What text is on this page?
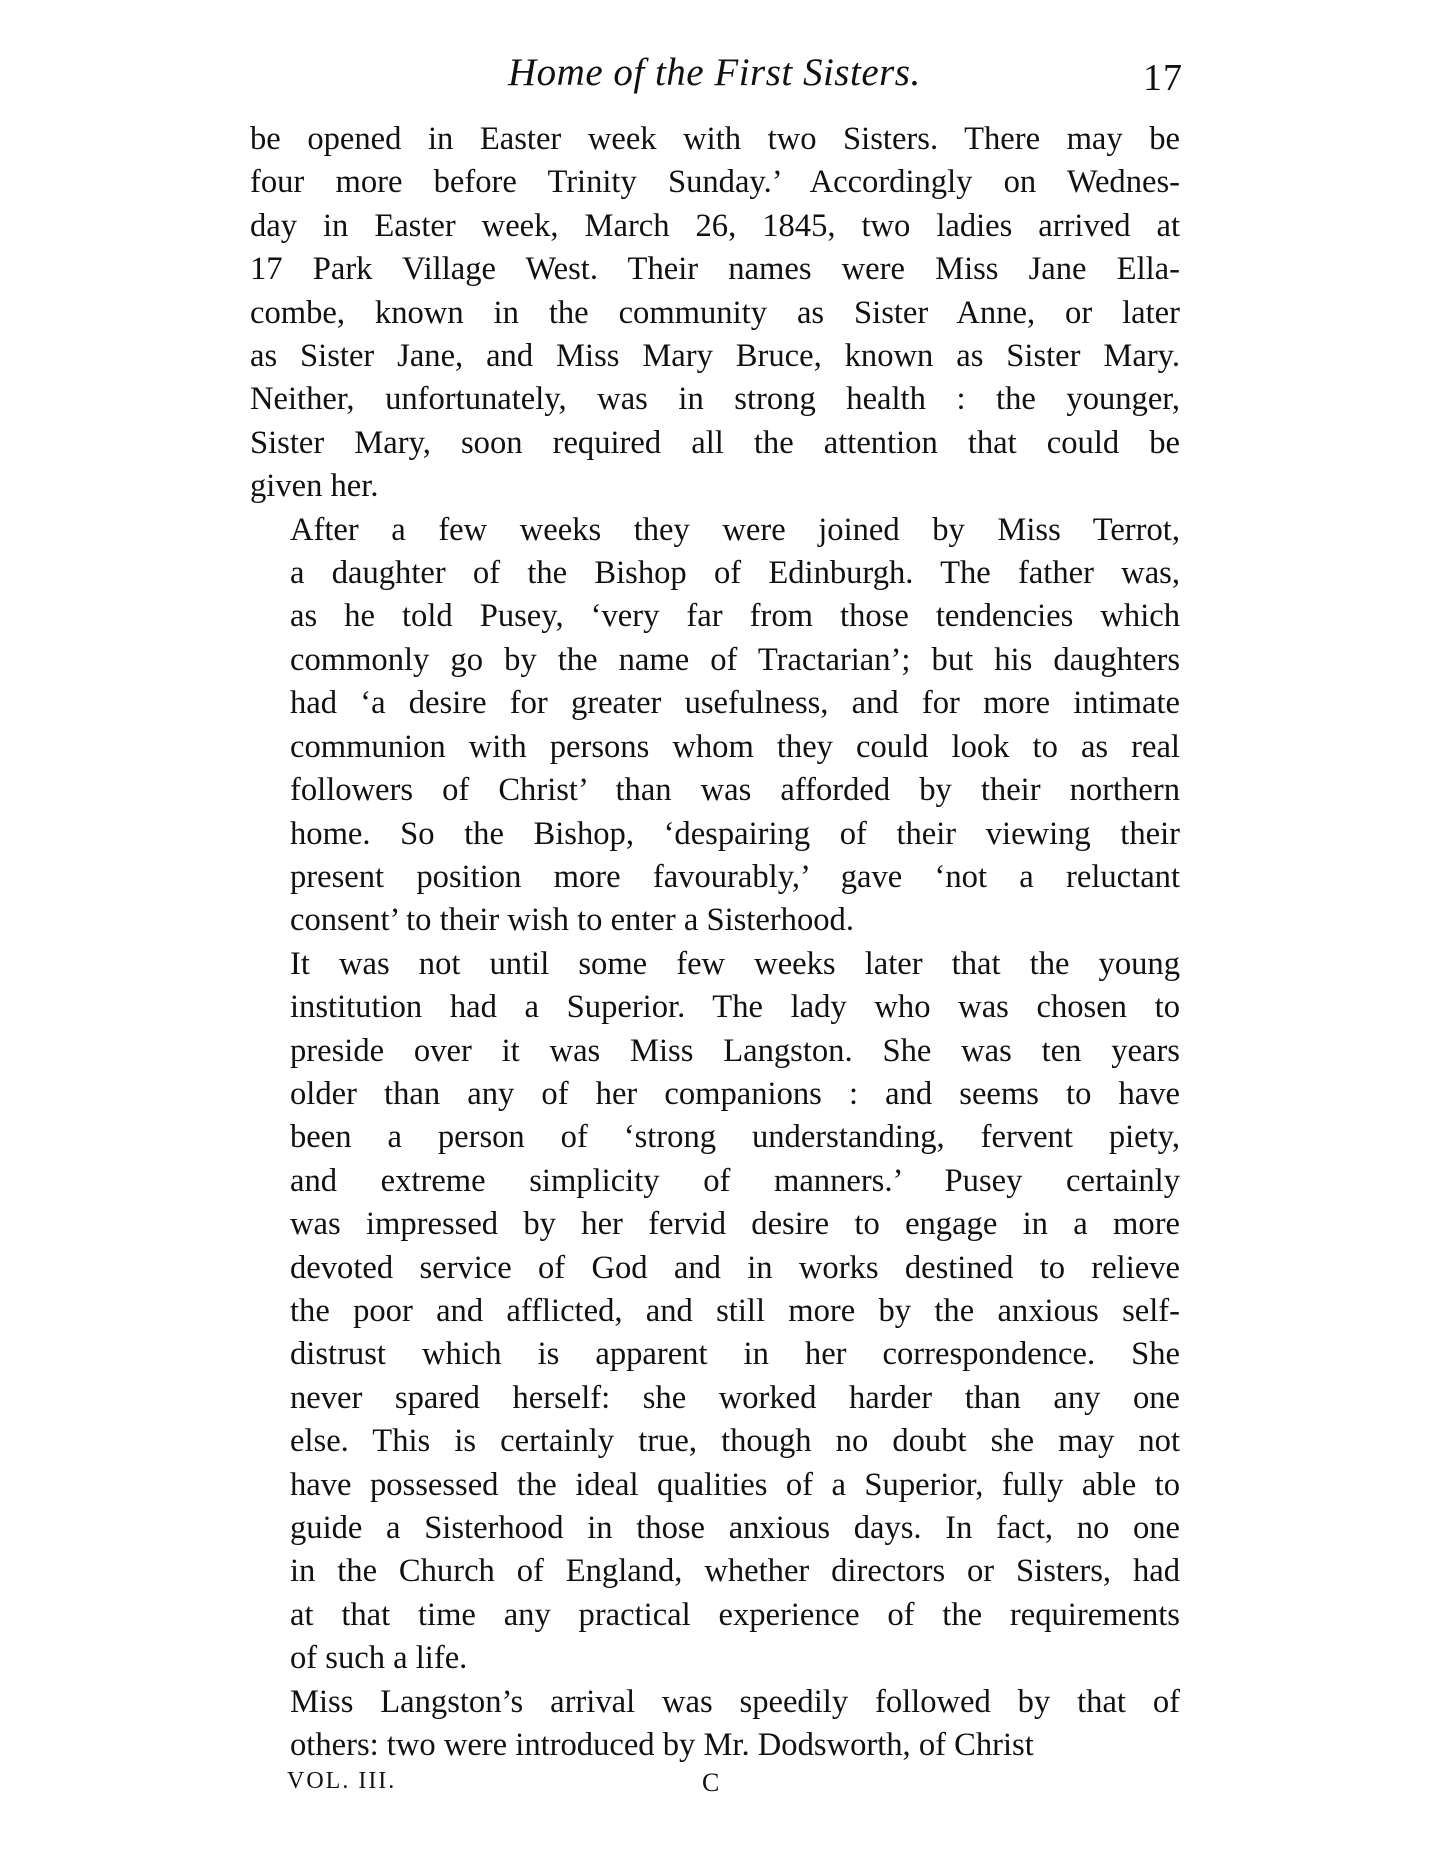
Home of the First Sisters.	17

be opened in Easter week with two Sisters. There may be
four more before Trinity Sunday.’ Accordingly on Wednes-
day in Easter week, March 26, 1845, two ladies arrived at
17 Park Village West. Their names were Miss Jane Ella-
combe, known in the community as Sister Anne, or later
as Sister Jane, and Miss Mary Bruce, known as Sister Mary.
Neither, unfortunately, was in strong health : the younger,
Sister Mary, soon required all the attention that could be
given her.

After a few weeks they were joined by Miss Terrot,
a daughter of the Bishop of Edinburgh. The father was,
as he told Pusey, ‘very far from those tendencies which
commonly go by the name of Tractarian’; but his daughters
had ‘a desire for greater usefulness, and for more intimate
communion with persons whom they could look to as real
followers of Christ’ than was afforded by their northern
home. So the Bishop, ‘despairing of their viewing their
present position more favourably,’ gave ‘not a reluctant
consent’ to their wish to enter a Sisterhood.

It was not until some few weeks later that the young
institution had a Superior. The lady who was chosen to
preside over it was Miss Langston. She was ten years
older than any of her companions : and seems to have
been a person of ‘strong understanding, fervent piety,
and extreme simplicity of manners.’ Pusey certainly
was impressed by her fervid desire to engage in a more
devoted service of God and in works destined to relieve
the poor and afflicted, and still more by the anxious self-
distrust which is apparent in her correspondence. She
never spared herself: she worked harder than any one
else. This is certainly true, though no doubt she may not
have possessed the ideal qualities of a Superior, fully able to
guide a Sisterhood in those anxious days. In fact, no one
in the Church of England, whether directors or Sisters, had
at that time any practical experience of the requirements
of such a life.

Miss Langston’s arrival was speedily followed by that of
others: two were introduced by Mr. Dodsworth, of Christ

VOL. III.	C
